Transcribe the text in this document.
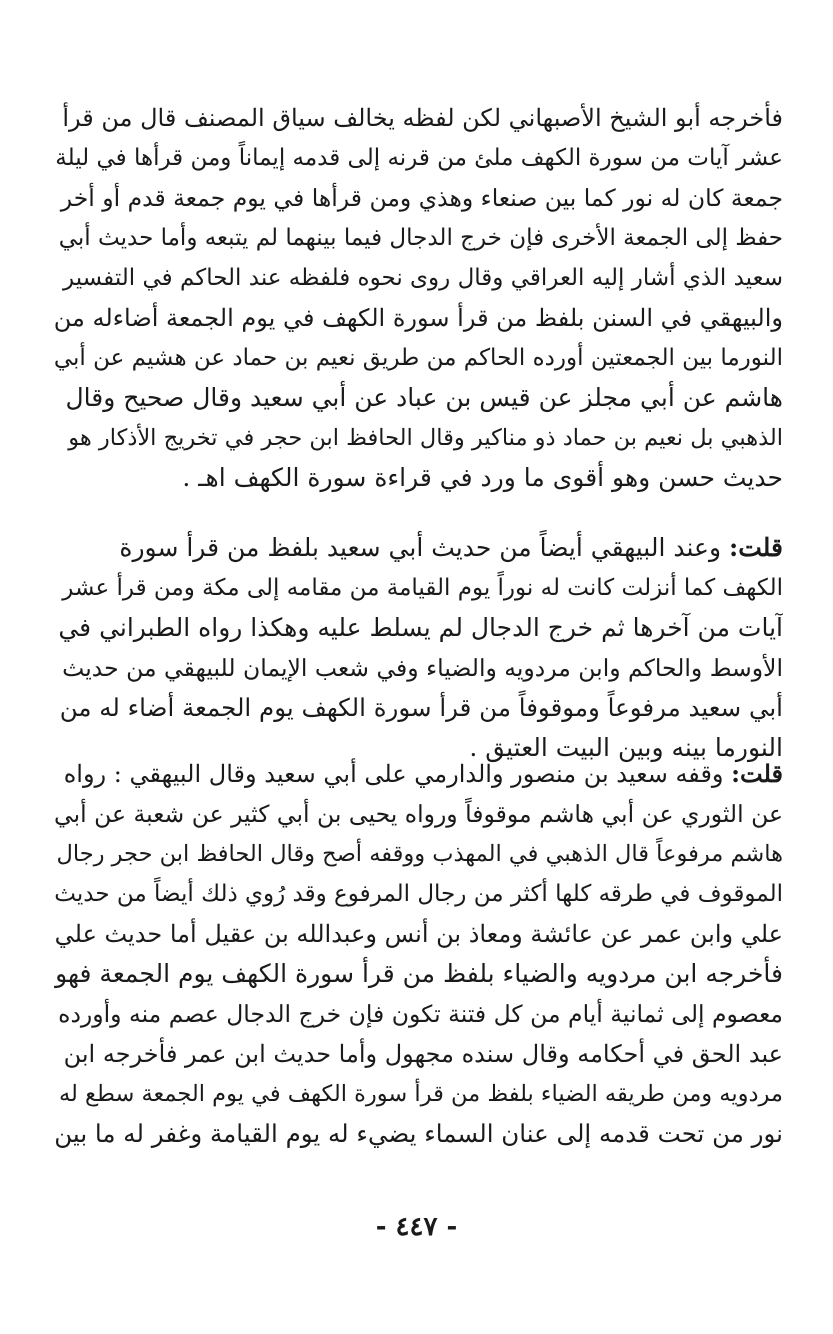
فأخرجه أبو الشيخ الأصبهاني لكن لفظه يخالف سياق المصنف قال من قرأ
عشر آيات من سورة الكهف ملئ من قرنه إلى قدمه إيماناً ومن قرأها في ليلة
جمعة كان له نور كما بين صنعاء وهذي ومن قرأها في يوم جمعة قدم أو أخر
حفظ إلى الجمعة الأخرى فإن خرج الدجال فيما بينهما لم يتبعه وأما حديث أبي
سعيد الذي أشار إليه العراقي وقال روى نحوه فلفظه عند الحاكم في التفسير
والبيهقي في السنن بلفظ من قرأ سورة الكهف في يوم الجمعة أضاءله من
النورما بين الجمعتين أورده الحاكم من طريق نعيم بن حماد عن هشيم عن أبي
هاشم عن أبي مجلز عن قيس بن عباد عن أبي سعيد وقال صحيح وقال
الذهبي بل نعيم بن حماد ذو مناكير وقال الحافظ ابن حجر في تخريج الأذكار هو
حديث حسن وهو أقوى ما ورد في قراءة سورة الكهف اهـ .
قلت: وعند البيهقي أيضاً من حديث أبي سعيد بلفظ من قرأ سورة
الكهف كما أنزلت كانت له نوراً يوم القيامة من مقامه إلى مكة ومن قرأ عشر
آيات من آخرها ثم خرج الدجال لم يسلط عليه وهكذا رواه الطبراني في
الأوسط والحاكم وابن مردويه والضياء وفي شعب الإيمان للبيهقي من حديث
أبي سعيد مرفوعاً وموقوفاً من قرأ سورة الكهف يوم الجمعة أضاء له من
النورما بينه وبين البيت العتيق .
قلت: وقفه سعيد بن منصور والدارمي على أبي سعيد وقال البيهقي : رواه
عن الثوري عن أبي هاشم موقوفاً ورواه يحيى بن أبي كثير عن شعبة عن أبي
هاشم مرفوعاً قال الذهبي في المهذب ووقفه أصح وقال الحافظ ابن حجر رجال
الموقوف في طرقه كلها أكثر من رجال المرفوع وقد رُوي ذلك أيضاً من حديث
علي وابن عمر عن عائشة ومعاذ بن أنس وعبدالله بن عقيل أما حديث علي
فأخرجه ابن مردويه والضياء بلفظ من قرأ سورة الكهف يوم الجمعة فهو
معصوم إلى ثمانية أيام من كل فتنة تكون فإن خرج الدجال عصم منه وأورده
عبد الحق في أحكامه وقال سنده مجهول وأما حديث ابن عمر فأخرجه ابن
مردويه ومن طريقه الضياء بلفظ من قرأ سورة الكهف في يوم الجمعة سطع له
نور من تحت قدمه إلى عنان السماء يضيء له يوم القيامة وغفر له ما بين
- ٤٤٧ -
